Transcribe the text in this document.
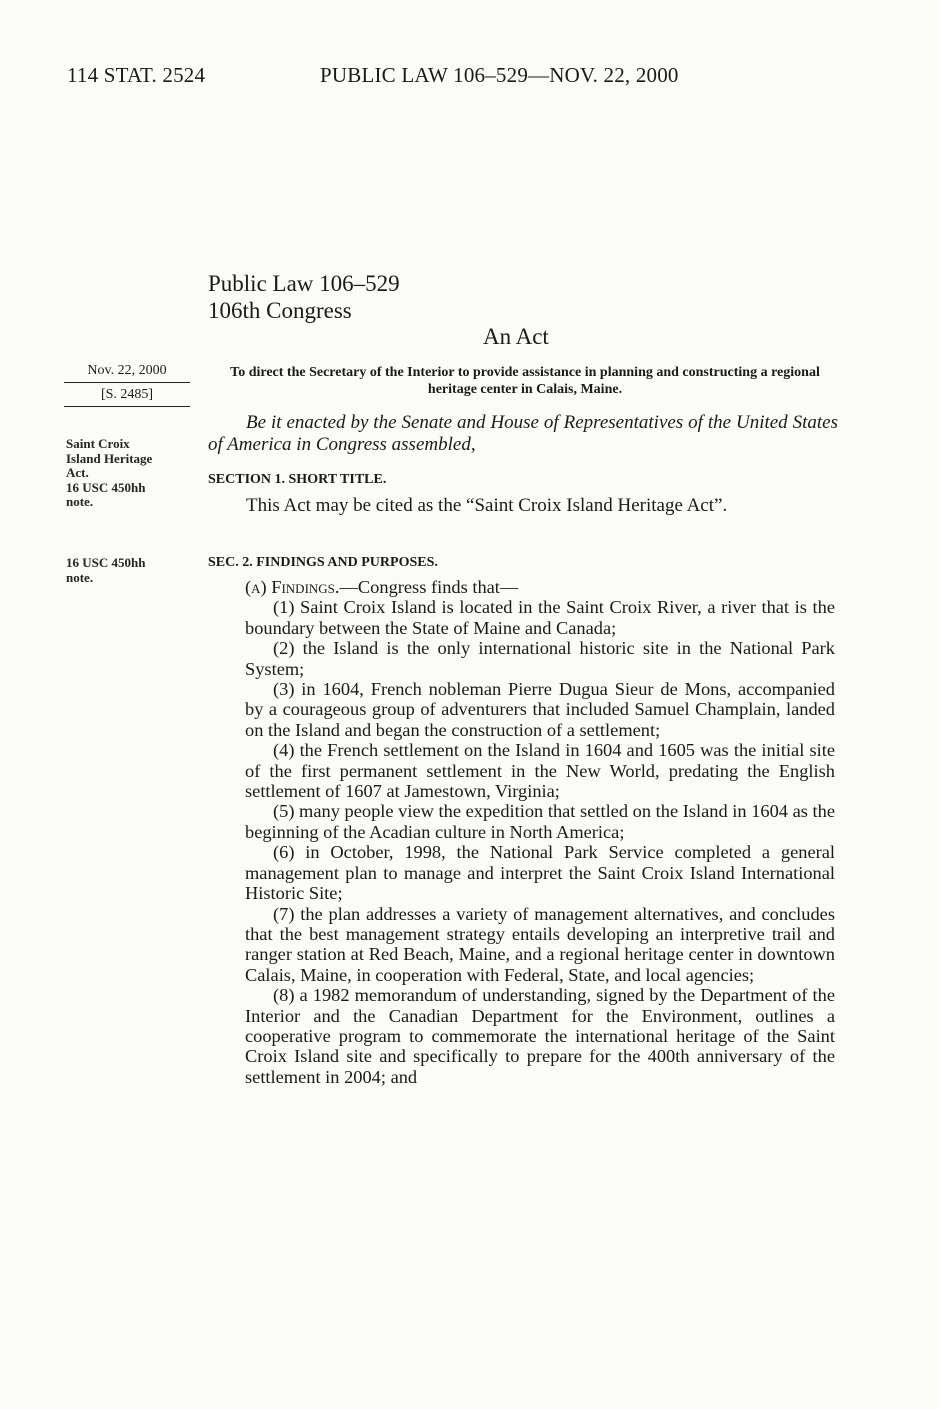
114 STAT. 2524	PUBLIC LAW 106–529—NOV. 22, 2000
Public Law 106–529
106th Congress
An Act
Nov. 22, 2000
[S. 2485]
To direct the Secretary of the Interior to provide assistance in planning and constructing a regional heritage center in Calais, Maine.
Saint Croix
Island Heritage
Act.
16 USC 450hh
note.
16 USC 450hh
note.
Be it enacted by the Senate and House of Representatives of the United States of America in Congress assembled,
SECTION 1. SHORT TITLE.
This Act may be cited as the “Saint Croix Island Heritage Act”.
SEC. 2. FINDINGS AND PURPOSES.
(a) Findings.—Congress finds that—
(1) Saint Croix Island is located in the Saint Croix River, a river that is the boundary between the State of Maine and Canada;
(2) the Island is the only international historic site in the National Park System;
(3) in 1604, French nobleman Pierre Dugua Sieur de Mons, accompanied by a courageous group of adventurers that included Samuel Champlain, landed on the Island and began the construction of a settlement;
(4) the French settlement on the Island in 1604 and 1605 was the initial site of the first permanent settlement in the New World, predating the English settlement of 1607 at Jamestown, Virginia;
(5) many people view the expedition that settled on the Island in 1604 as the beginning of the Acadian culture in North America;
(6) in October, 1998, the National Park Service completed a general management plan to manage and interpret the Saint Croix Island International Historic Site;
(7) the plan addresses a variety of management alternatives, and concludes that the best management strategy entails developing an interpretive trail and ranger station at Red Beach, Maine, and a regional heritage center in downtown Calais, Maine, in cooperation with Federal, State, and local agencies;
(8) a 1982 memorandum of understanding, signed by the Department of the Interior and the Canadian Department for the Environment, outlines a cooperative program to commemorate the international heritage of the Saint Croix Island site and specifically to prepare for the 400th anniversary of the settlement in 2004; and
